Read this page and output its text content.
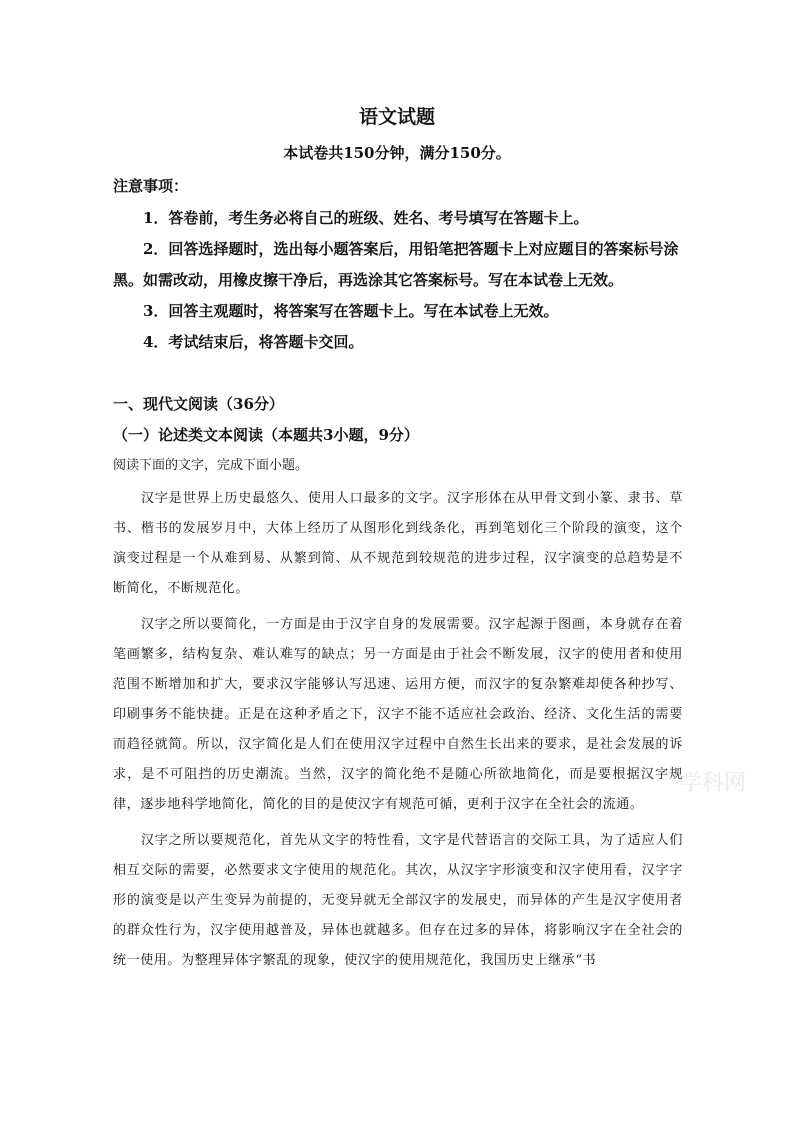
语文试题
本试卷共150分钟，满分150分。
注意事项：

1．答卷前，考生务必将自己的班级、姓名、考号填写在答题卡上。

2．回答选择题时，选出每小题答案后，用铅笔把答题卡上对应题目的答案标号涂黑。如需改动，用橡皮擦干净后，再选涂其它答案标号。写在本试卷上无效。

3．回答主观题时，将答案写在答题卡上。写在本试卷上无效。

4．考试结束后，将答题卡交回。

一、现代文阅读（36分）
（一）论述类文本阅读（本题共3小题，9分）
阅读下面的文字，完成下面小题。

汉字是世界上历史最悠久、使用人口最多的文字。汉字形体在从甲骨文到小篆、隶书、草书、楷书的发展岁月中，大体上经历了从图形化到线条化，再到笔划化三个阶段的演变，这个演变过程是一个从难到易、从繁到简、从不规范到较规范的进步过程，汉字演变的总趋势是不断简化，不断规范化。

汉字之所以要简化，一方面是由于汉字自身的发展需要。汉字起源于图画，本身就存在着笔画繁多，结构复杂、难认难写的缺点；另一方面是由于社会不断发展，汉字的使用者和使用范围不断增加和扩大，要求汉字能够认写迅速、运用方便，而汉字的复杂繁难却使各种抄写、印刷事务不能快捷。正是在这种矛盾之下，汉字不能不适应社会政治、经济、文化生活的需要而趋径就简。所以，汉字简化是人们在使用汉字过程中自然生长出来的要求，是社会发展的诉求，是不可阻挡的历史潮流。当然，汉字的简化绝不是随心所欲地简化，而是要根据汉字规律，逐步地科学地简化，简化的目的是使汉字有规范可循，更利于汉字在全社会的流通。

汉字之所以要规范化，首先从文字的特性看，文字是代替语言的交际工具，为了适应人们相互交际的需要，必然要求文字使用的规范化。其次，从汉字字形演变和汉字使用看，汉字字形的演变是以产生变异为前提的，无变异就无全部汉字的发展史，而异体的产生是汉字使用者的群众性行为，汉字使用越普及，异体也就越多。但存在过多的异体，将影响汉字在全社会的统一使用。为整理异体字繁乱的现象，使汉字的使用规范化，我国历史上继承“书

学科网
